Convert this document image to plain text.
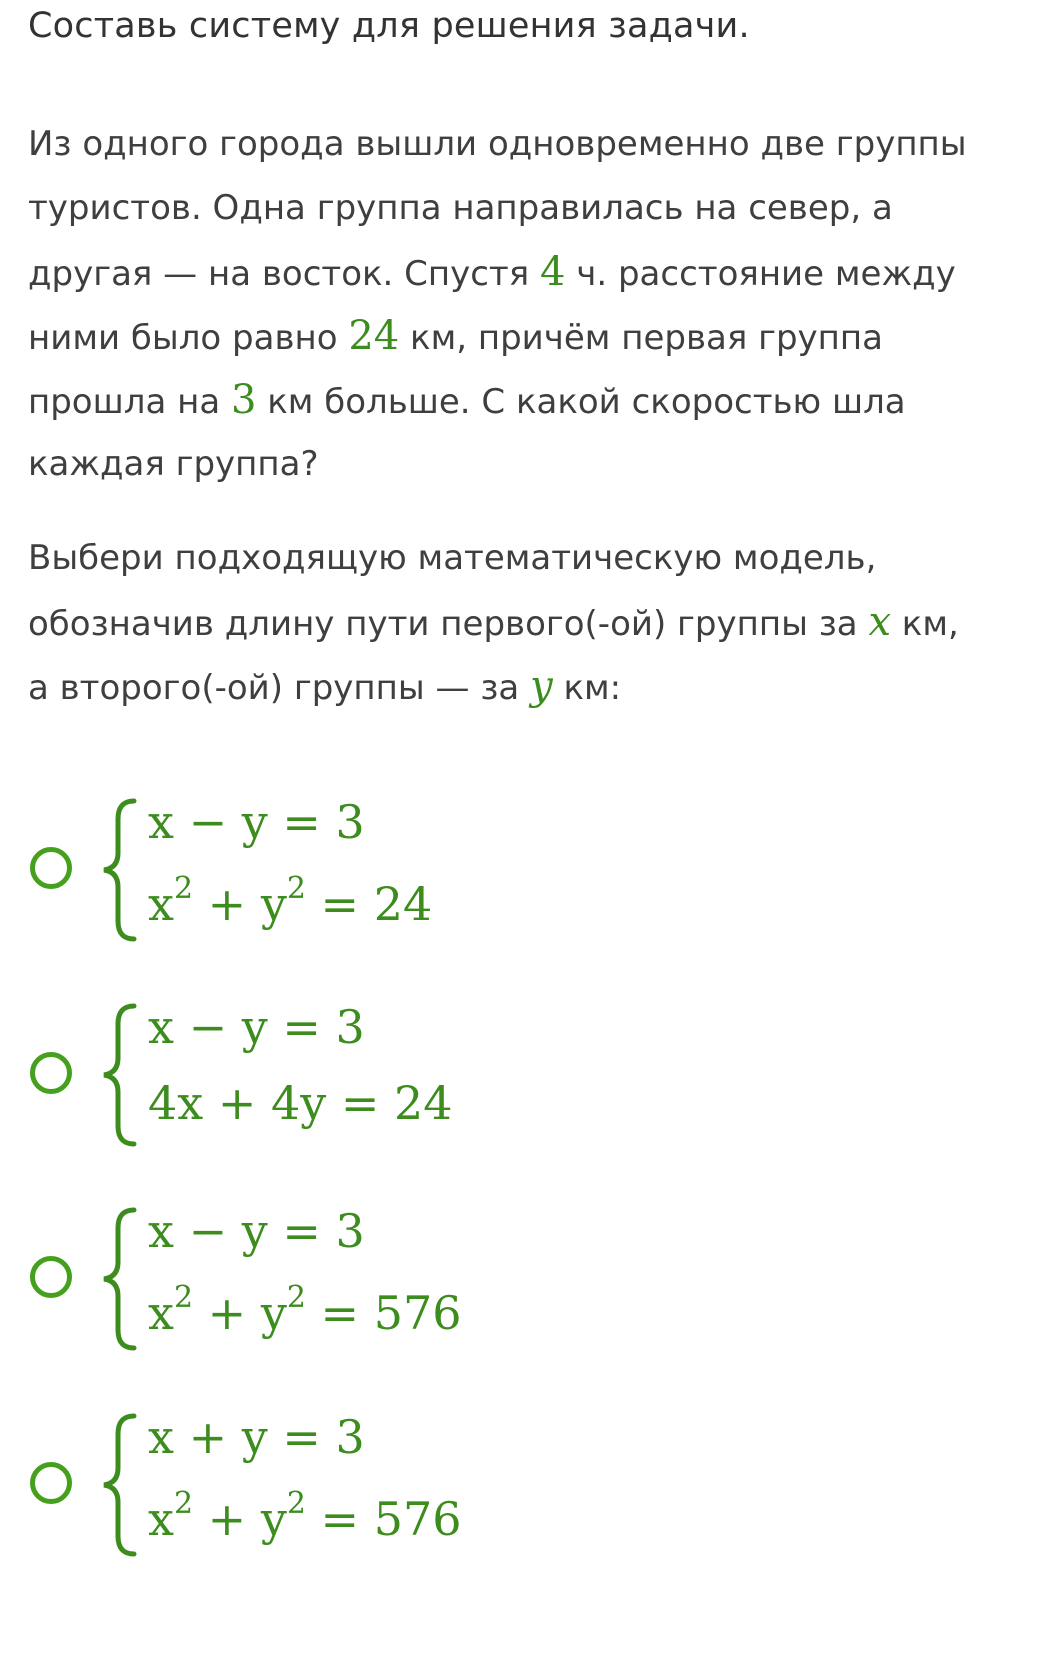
Составь систему для решения задачи.
Из одного города вышли одновременно две группы
туристов. Одна группа направилась на север, а
другая — на восток. Спустя 4 ч. расстояние между
ними было равно 24 км, причём первая группа
прошла на 3 км больше. С какой скоростью шла
каждая группа?
Выбери подходящую математическую модель,
обозначив длину пути первого(-ой) группы за x км,
а второго(-ой) группы — за y км:
x − y = 3
$x^2 + y^2 = 24$
x − y = 3
4x + 4y = 24
x − y = 3
$x^2 + y^2 = 576$
x + y = 3
$x^2 + y^2 = 576$
